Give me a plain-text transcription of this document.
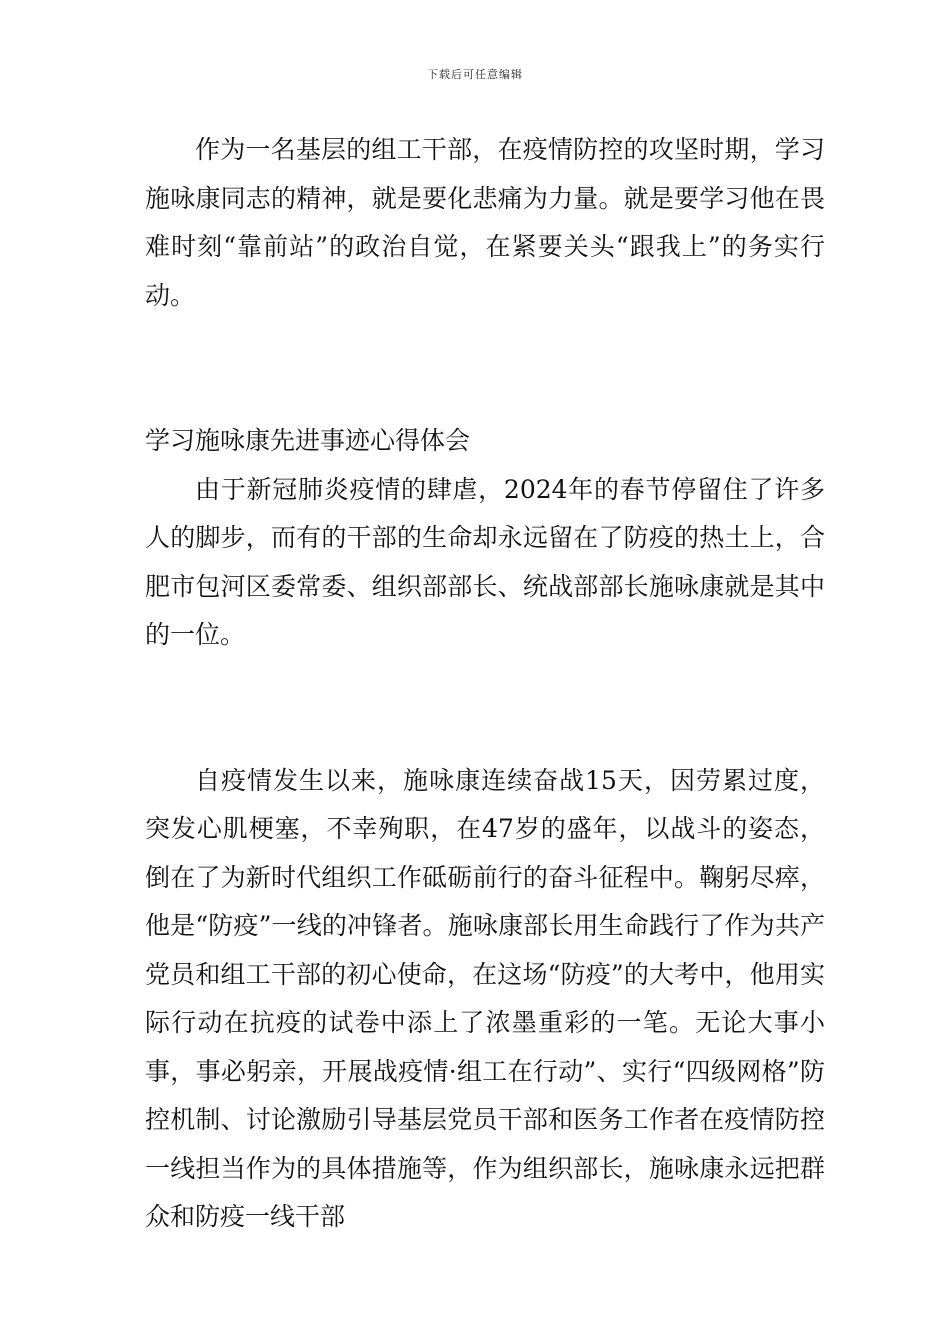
下载后可任意编辑

作为一名基层的组工干部，在疫情防控的攻坚时期，学习施咏康同志的精神，就是要化悲痛为力量。就是要学习他在畏难时刻“靠前站”的政治自觉，在紧要关头“跟我上”的务实行动。

学习施咏康先进事迹心得体会

由于新冠肺炎疫情的肆虐，2024年的春节停留住了许多人的脚步，而有的干部的生命却永远留在了防疫的热土上，合肥市包河区委常委、组织部部长、统战部部长施咏康就是其中的一位。

自疫情发生以来，施咏康连续奋战15天，因劳累过度，突发心肌梗塞，不幸殉职，在47岁的盛年，以战斗的姿态，倒在了为新时代组织工作砥砺前行的奋斗征程中。鞠躬尽瘁，他是“防疫”一线的冲锋者。施咏康部长用生命践行了作为共产党员和组工干部的初心使命，在这场“防疫”的大考中，他用实际行动在抗疫的试卷中添上了浓墨重彩的一笔。无论大事小事，事必躬亲，开展战疫情·组工在行动”、实行“四级网格”防控机制、讨论激励引导基层党员干部和医务工作者在疫情防控一线担当作为的具体措施等，作为组织部长，施咏康永远把群众和防疫一线干部
